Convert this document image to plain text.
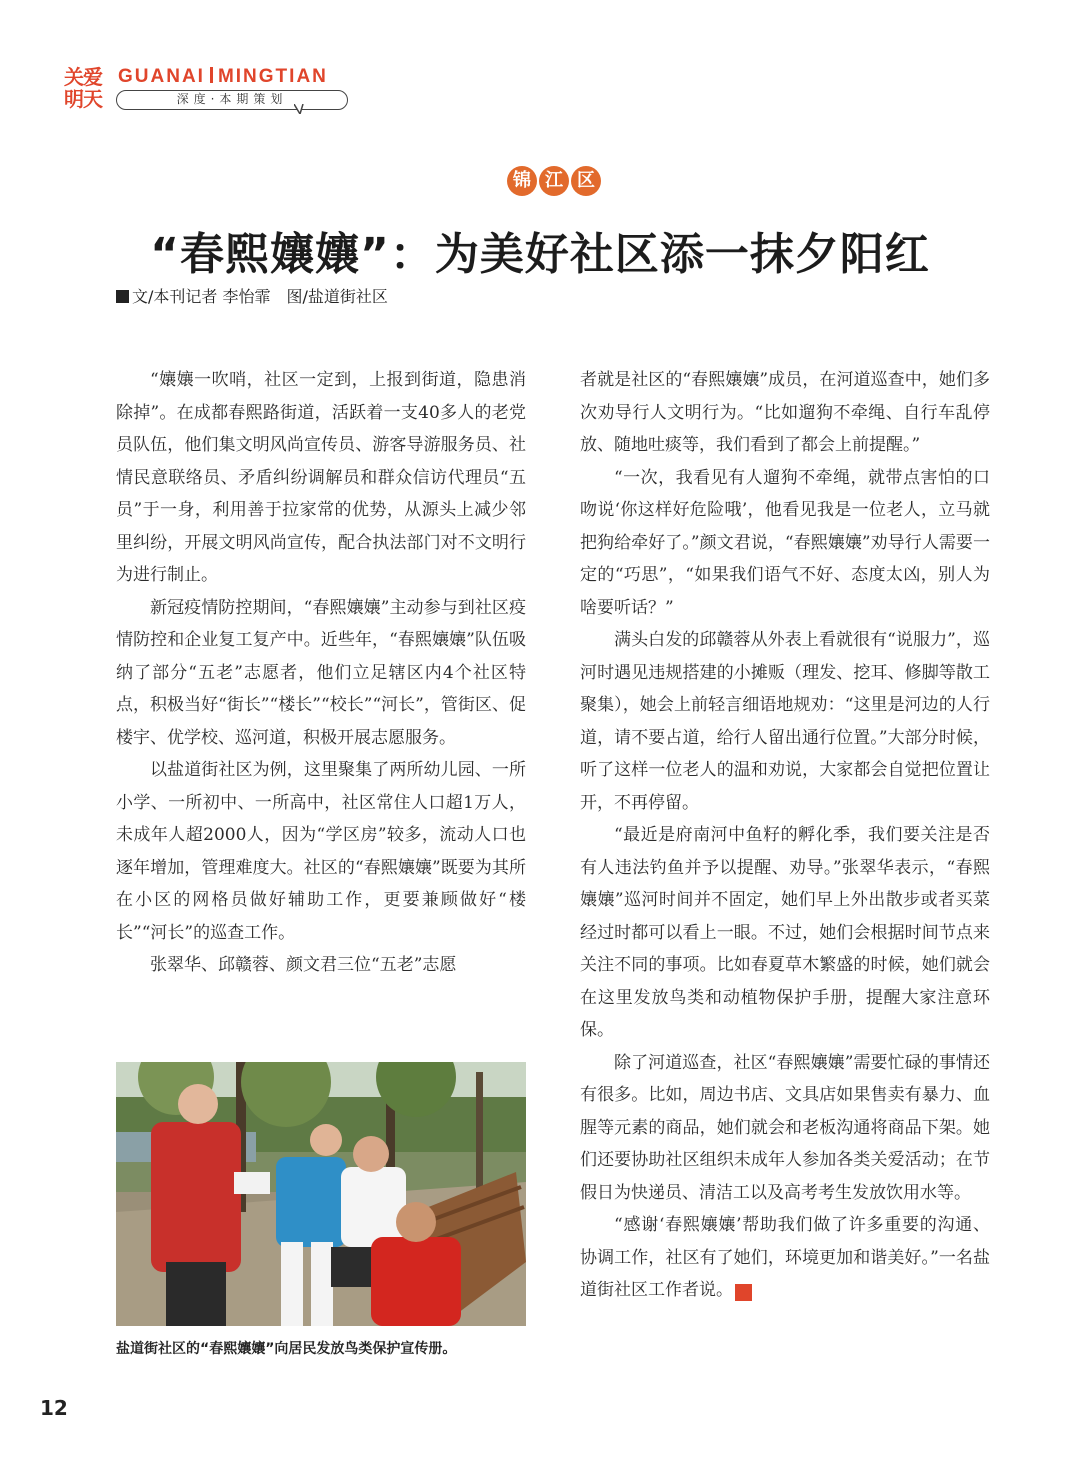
关爱
明天
GUANAI MINGTIAN
深度·本期策划
锦 江 区
“春熙孃孃”：为美好社区添一抹夕阳红
文/本刊记者 李怡霏　图/盐道街社区

“孃孃一吹哨，社区一定到，上报到街道，隐患消除掉”。在成都春熙路街道，活跃着一支40多人的老党员队伍，他们集文明风尚宣传员、游客导游服务员、社情民意联络员、矛盾纠纷调解员和群众信访代理员“五员”于一身，利用善于拉家常的优势，从源头上减少邻里纠纷，开展文明风尚宣传，配合执法部门对不文明行为进行制止。

新冠疫情防控期间，“春熙孃孃”主动参与到社区疫情防控和企业复工复产中。近些年，“春熙孃孃”队伍吸纳了部分“五老”志愿者，他们立足辖区内4个社区特点，积极当好“街长”“楼长”“校长”“河长”，管街区、促楼宇、优学校、巡河道，积极开展志愿服务。

以盐道街社区为例，这里聚集了两所幼儿园、一所小学、一所初中、一所高中，社区常住人口超1万人，未成年人超2000人，因为“学区房”较多，流动人口也逐年增加，管理难度大。社区的“春熙孃孃”既要为其所在小区的网格员做好辅助工作，更要兼顾做好“楼长”“河长”的巡查工作。

张翠华、邱赣蓉、颜文君三位“五老”志愿

盐道街社区的“春熙孃孃”向居民发放鸟类保护宣传册。

者就是社区的“春熙孃孃”成员，在河道巡查中，她们多次劝导行人文明行为。“比如遛狗不牵绳、自行车乱停放、随地吐痰等，我们看到了都会上前提醒。”

“一次，我看见有人遛狗不牵绳，就带点害怕的口吻说‘你这样好危险哦’，他看见我是一位老人，立马就把狗给牵好了。”颜文君说，“春熙孃孃”劝导行人需要一定的“巧思”，“如果我们语气不好、态度太凶，别人为啥要听话？”

满头白发的邱赣蓉从外表上看就很有“说服力”，巡河时遇见违规搭建的小摊贩（理发、挖耳、修脚等散工聚集），她会上前轻言细语地规劝：“这里是河边的人行道，请不要占道，给行人留出通行位置。”大部分时候，听了这样一位老人的温和劝说，大家都会自觉把位置让开，不再停留。

“最近是府南河中鱼籽的孵化季，我们要关注是否有人违法钓鱼并予以提醒、劝导。”张翠华表示，“春熙孃孃”巡河时间并不固定，她们早上外出散步或者买菜经过时都可以看上一眼。不过，她们会根据时间节点来关注不同的事项。比如春夏草木繁盛的时候，她们就会在这里发放鸟类和动植物保护手册，提醒大家注意环保。

除了河道巡查，社区“春熙孃孃”需要忙碌的事情还有很多。比如，周边书店、文具店如果售卖有暴力、血腥等元素的商品，她们就会和老板沟通将商品下架。她们还要协助社区组织未成年人参加各类关爱活动；在节假日为快递员、清洁工以及高考考生发放饮用水等。

“感谢‘春熙孃孃’帮助我们做了许多重要的沟通、协调工作，社区有了她们，环境更加和谐美好。”一名盐道街社区工作者说。	关

12
